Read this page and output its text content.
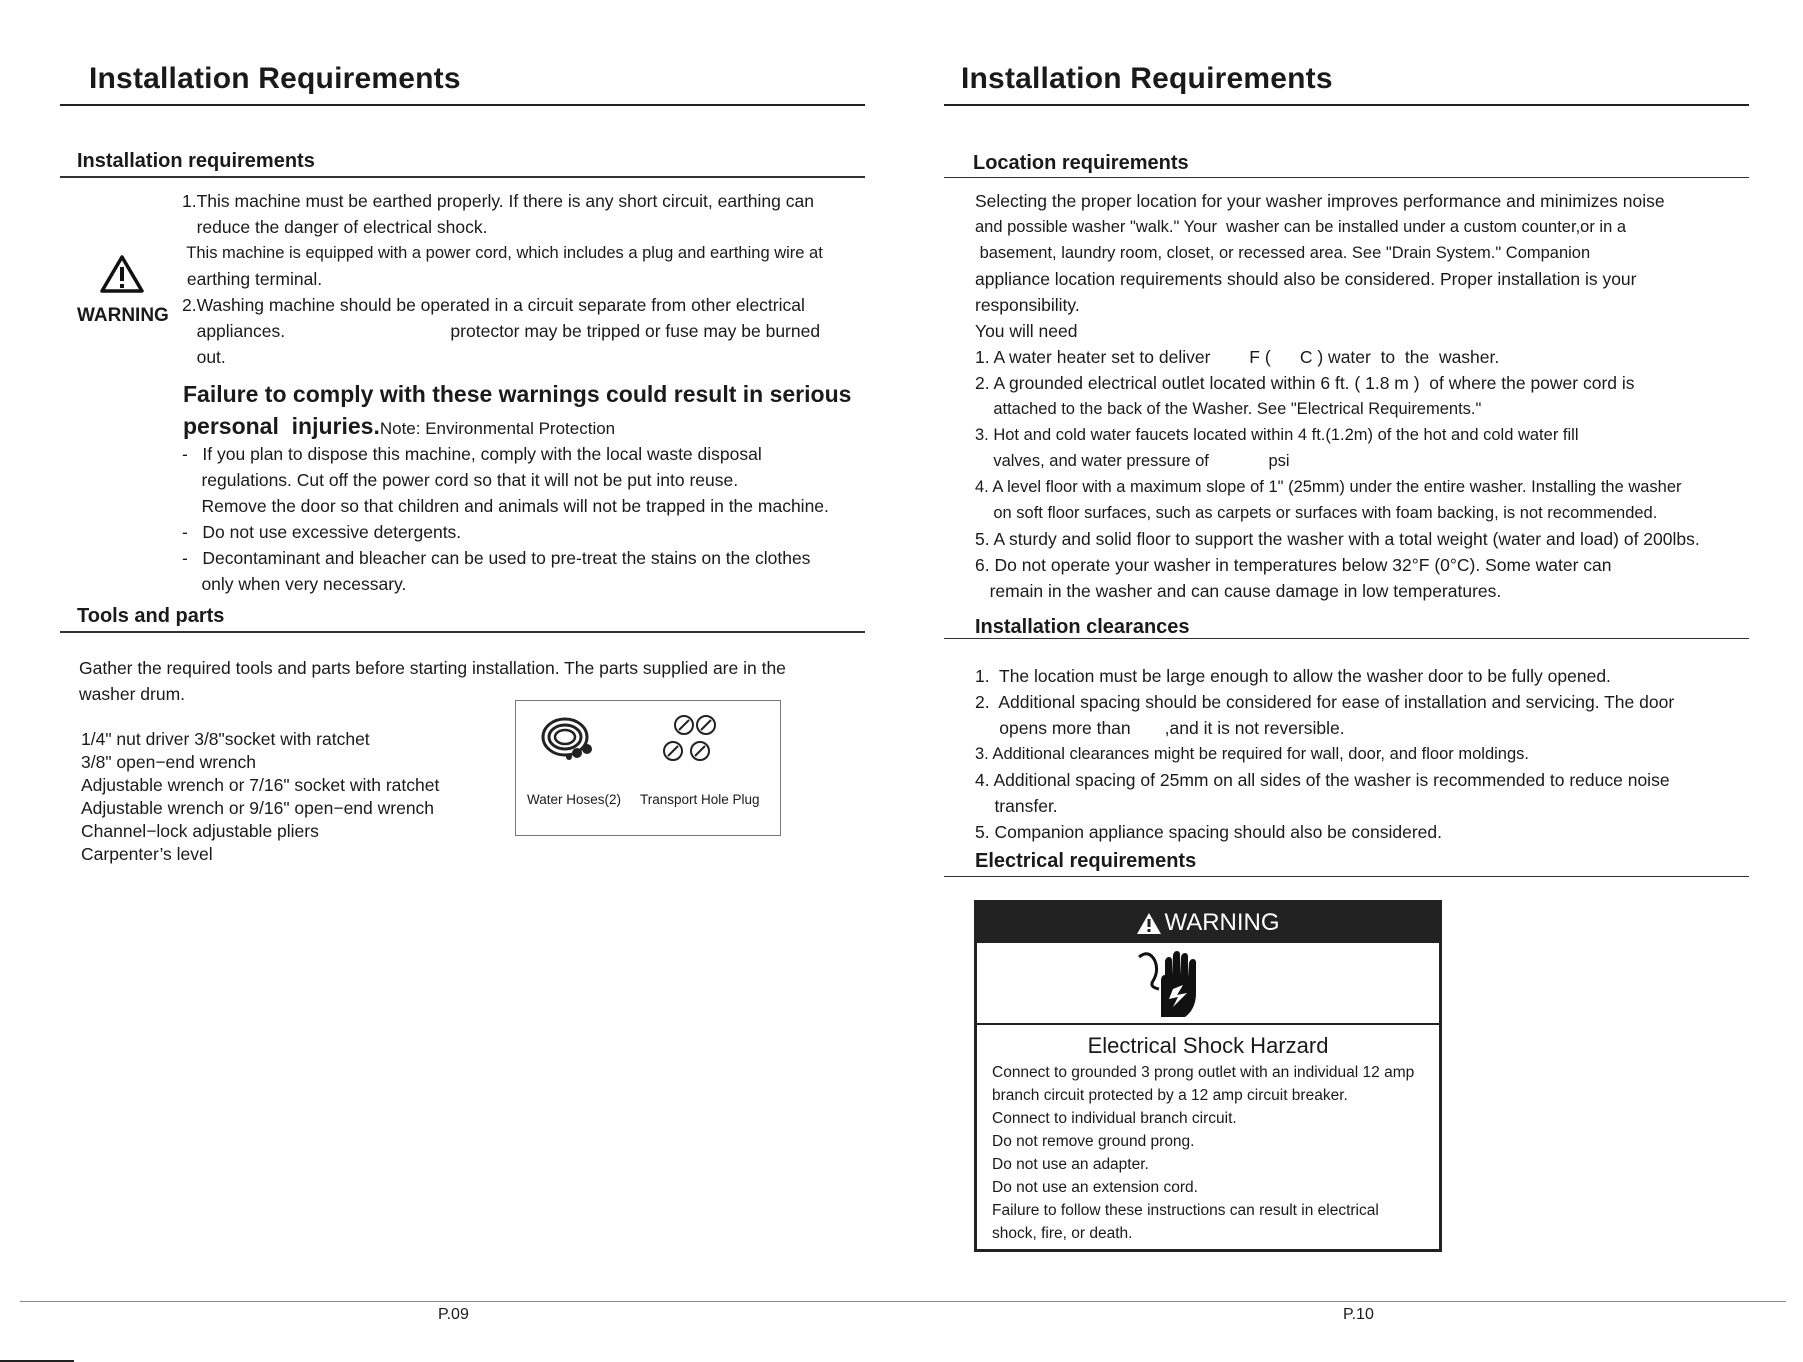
Installation Requirements
Installation requirements
WARNING
1.This machine must be earthed properly. If there is any short circuit, earthing can
reduce the danger of electrical shock.
This machine is equipped with a power cord, which includes a plug and earthing wire at
earthing terminal.
2.Washing machine should be operated in a circuit separate from other electrical
appliances.                                  protector may be tripped or fuse may be burned
out.
Failure to comply with these warnings could result in serious
personal  injuries.Note: Environmental Protection
-   If you plan to dispose this machine, comply with the local waste disposal
regulations. Cut off the power cord so that it will not be put into reuse.
Remove the door so that children and animals will not be trapped in the machine.
-   Do not use excessive detergents.
-   Decontaminant and bleacher can be used to pre-treat the stains on the clothes
only when very necessary.
Tools and parts
Gather the required tools and parts before starting installation. The parts supplied are in the
washer drum.
1/4" nut driver 3/8"socket with ratchet
3/8" open−end wrench
Adjustable wrench or 7/16" socket with ratchet
Adjustable wrench or 9/16" open−end wrench
Channel−lock adjustable pliers
Carpenter’s level
Water Hoses(2) Transport Hole Plug
Installation Requirements
Location requirements
Selecting the proper location for your washer improves performance and minimizes noise
and possible washer "walk." Your  washer can be installed under a custom counter,or in a
basement, laundry room, closet, or recessed area. See "Drain System." Companion
appliance location requirements should also be considered. Proper installation is your
responsibility.
You will need
1. A water heater set to deliver        F (      C ) water  to  the  washer.
2. A grounded electrical outlet located within 6 ft. ( 1.8 m )  of where the power cord is
attached to the back of the Washer. See "Electrical Requirements."
3. Hot and cold water faucets located within 4 ft.(1.2m) of the hot and cold water fill
valves, and water pressure of             psi
4. A level floor with a maximum slope of 1" (25mm) under the entire washer. Installing the washer
on soft floor surfaces, such as carpets or surfaces with foam backing, is not recommended.
5. A sturdy and solid floor to support the washer with a total weight (water and load) of 200lbs.
6. Do not operate your washer in temperatures below 32°F (0°C). Some water can
remain in the washer and can cause damage in low temperatures.
Installation clearances
1.  The location must be large enough to allow the washer door to be fully opened.
2.  Additional spacing should be considered for ease of installation and servicing. The door
opens more than       ,and it is not reversible.
3. Additional clearances might be required for wall, door, and floor moldings.
4. Additional spacing of 25mm on all sides of the washer is recommended to reduce noise
transfer.
5. Companion appliance spacing should also be considered.
Electrical requirements
WARNING
Electrical Shock Harzard
Connect to grounded 3 prong outlet with an individual 12 amp
branch circuit protected by a 12 amp circuit breaker.
Connect to individual branch circuit.
Do not remove ground prong.
Do not use an adapter.
Do not use an extension cord.
Failure to follow these instructions can result in electrical
shock, fire, or death.
P.09	P.10
